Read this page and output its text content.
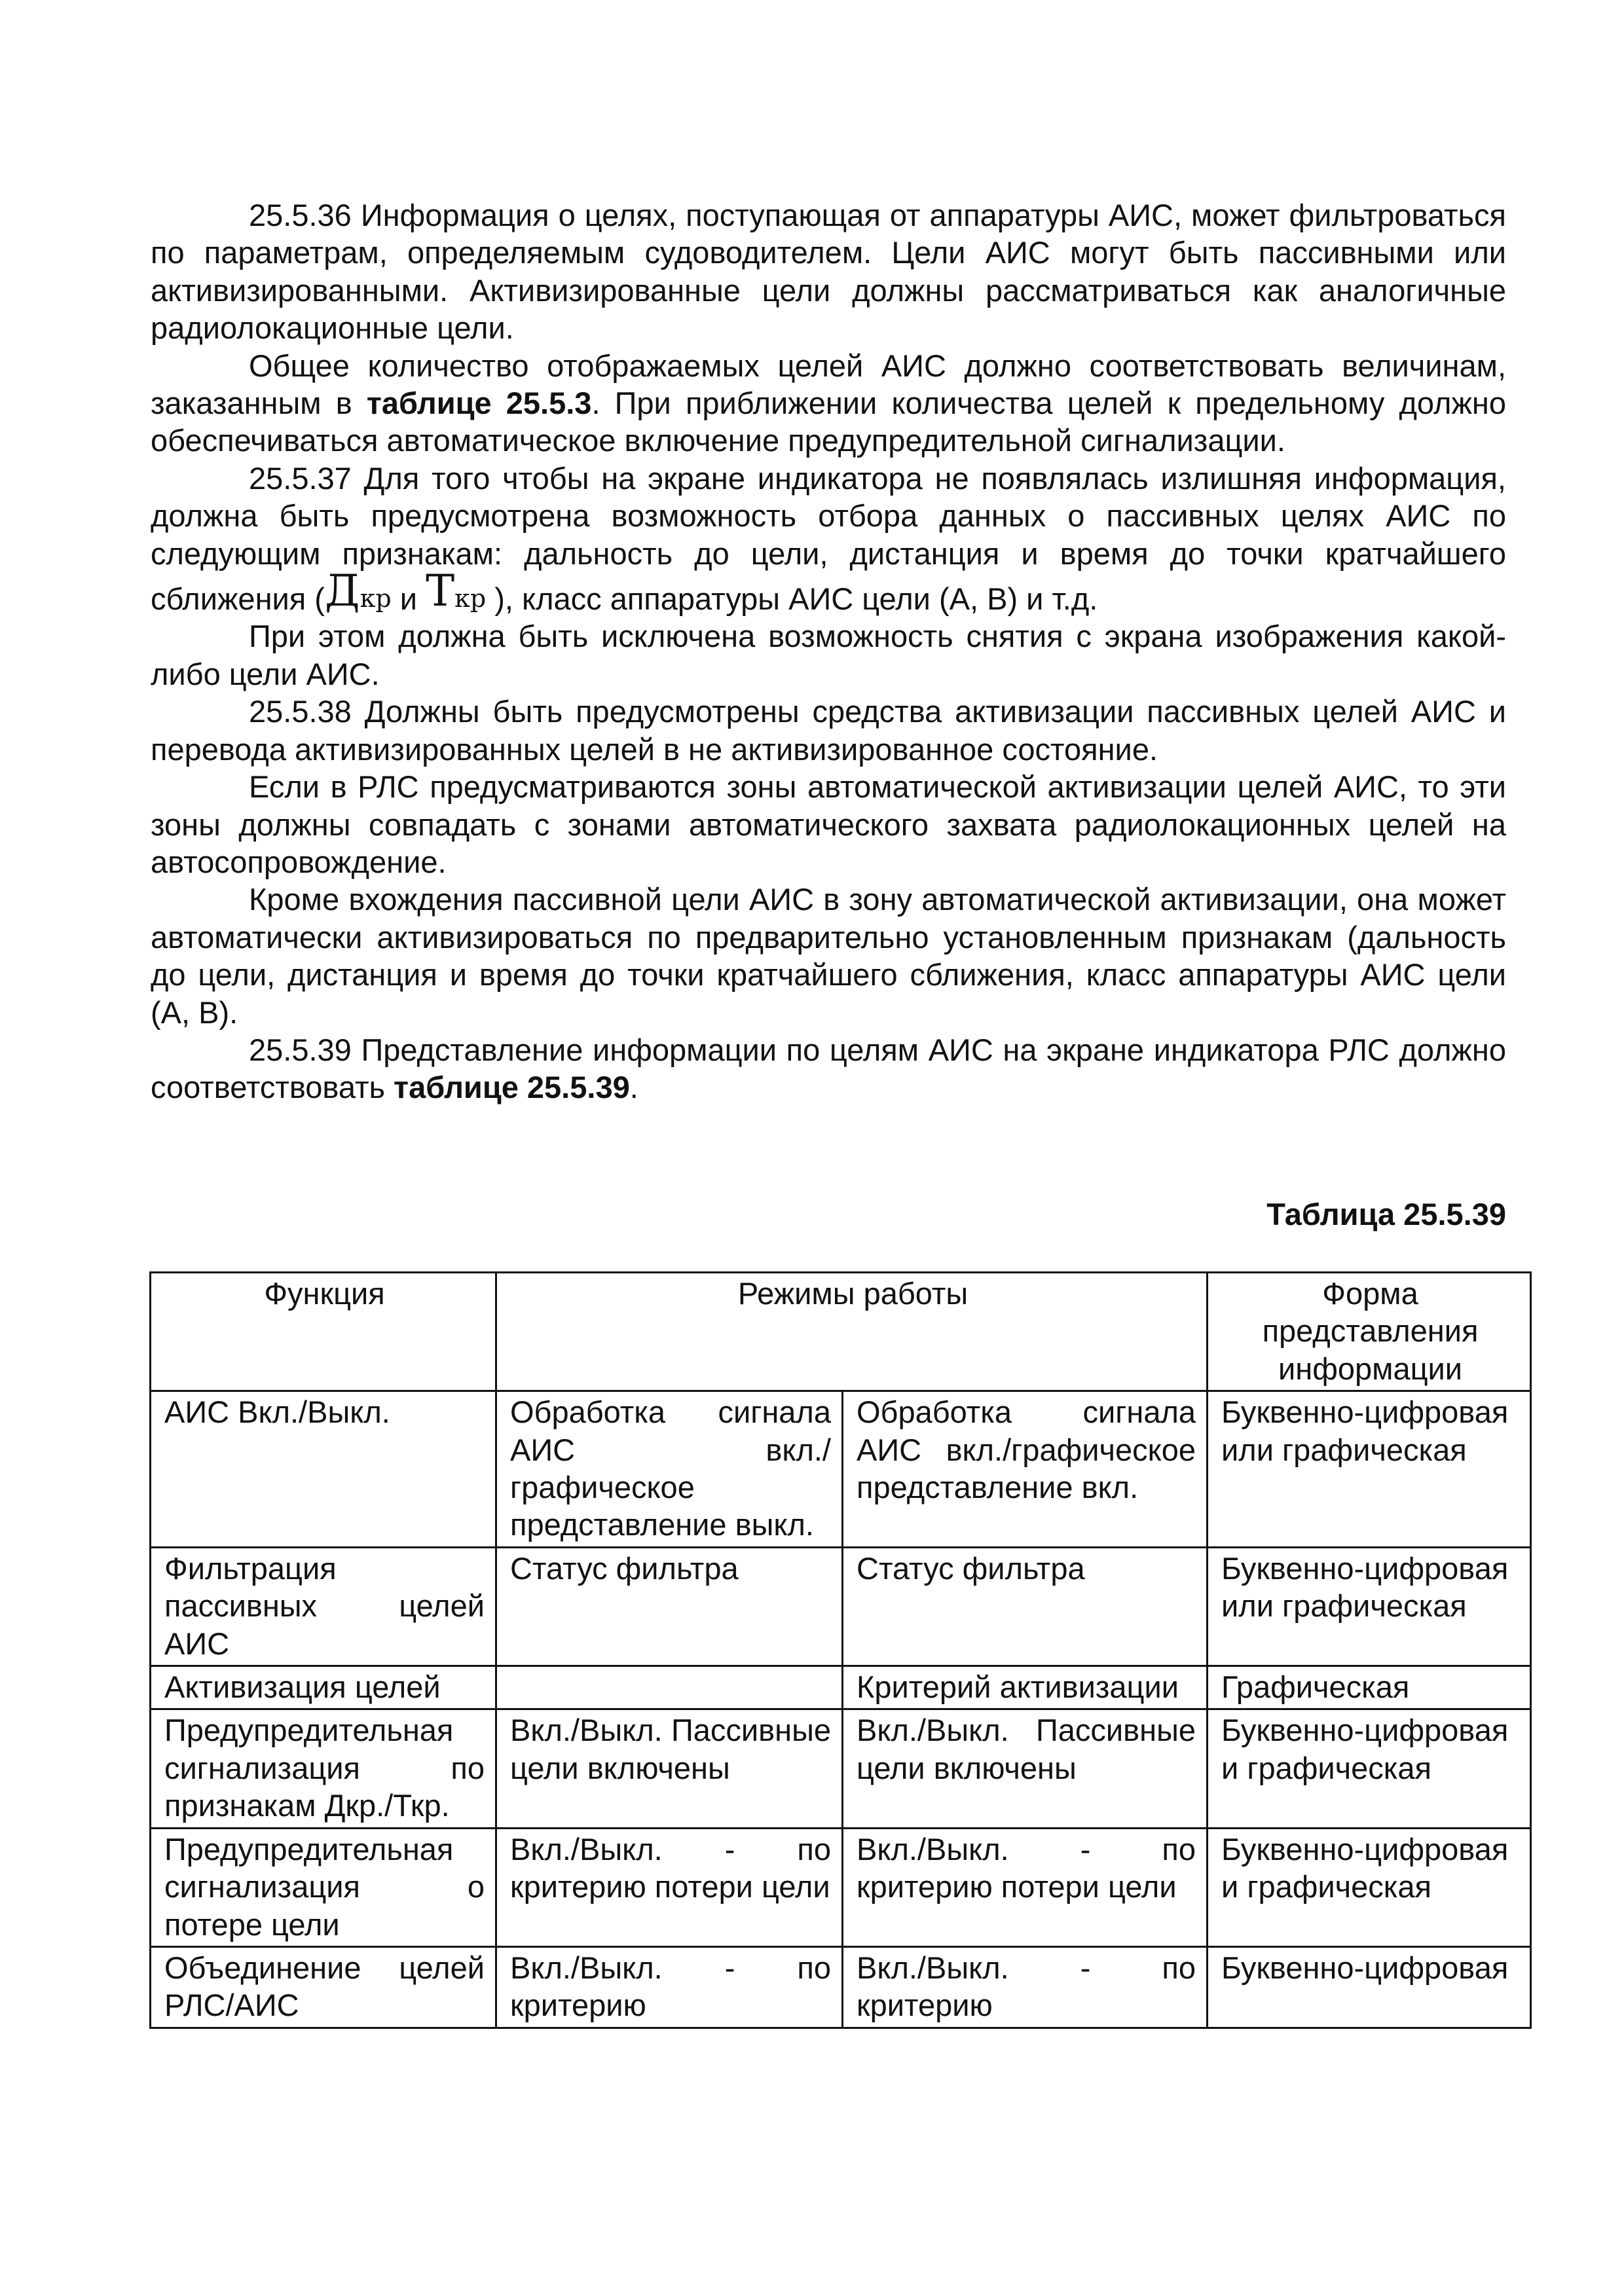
25.5.36 Информация о целях, поступающая от аппаратуры АИС, может фильтроваться по параметрам, определяемым судоводителем. Цели АИС могут быть пассивными или активизированными. Активизированные цели должны рассматриваться как аналогичные радиолокационные цели.

Общее количество отображаемых целей АИС должно соответствовать величинам, заказанным в таблице 25.5.3. При приближении количества целей к предельному должно обеспечиваться автоматическое включение предупредительной сигнализации.

25.5.37 Для того чтобы на экране индикатора не появлялась излишняя информация, должна быть предусмотрена возможность отбора данных о пассивных целях АИС по следующим признакам: дальность до цели, дистанция и время до точки кратчайшего сближения ($Д_{кр}$ и $Т_{кр}$ ), класс аппаратуры АИС цели (А, В) и т.д.

При этом должна быть исключена возможность снятия с экрана изображения какой-либо цели АИС.

25.5.38 Должны быть предусмотрены средства активизации пассивных целей АИС и перевода активизированных целей в не активизированное состояние.

Если в РЛС предусматриваются зоны автоматической активизации целей АИС, то эти зоны должны совпадать с зонами автоматического захвата радиолокационных целей на автосопровождение.

Кроме вхождения пассивной цели АИС в зону автоматической активизации, она может автоматически активизироваться по предварительно установленным признакам (дальность до цели, дистанция и время до точки кратчайшего сближения, класс аппаратуры АИС цели (А, В).

25.5.39 Представление информации по целям АИС на экране индикатора РЛС должно соответствовать таблице 25.5.39.

Таблица 25.5.39
Функция	Режимы работы		Форма представления информации
АИС Вкл./Выкл.	Обработка сигнала АИС вкл./графическое представление выкл.	Обработка сигнала АИС вкл./графическое представление вкл.	Буквенно-цифровая или графическая
Фильтрация пассивных целей АИС	Статус фильтра	Статус фильтра	Буквенно-цифровая или графическая
Активизация целей		Критерий активизации	Графическая
Предупредительная сигнализация по признакам Дкр./Ткр.	Вкл./Выкл. Пассивные цели включены	Вкл./Выкл. Пассивные цели включены	Буквенно-цифровая и графическая
Предупредительная сигнализация о потере цели	Вкл./Выкл. - по критерию потери цели	Вкл./Выкл. - по критерию потери цели	Буквенно-цифровая и графическая
Объединение целей РЛС/АИС	Вкл./Выкл. - по критерию	Вкл./Выкл. - по критерию	Буквенно-цифровая
